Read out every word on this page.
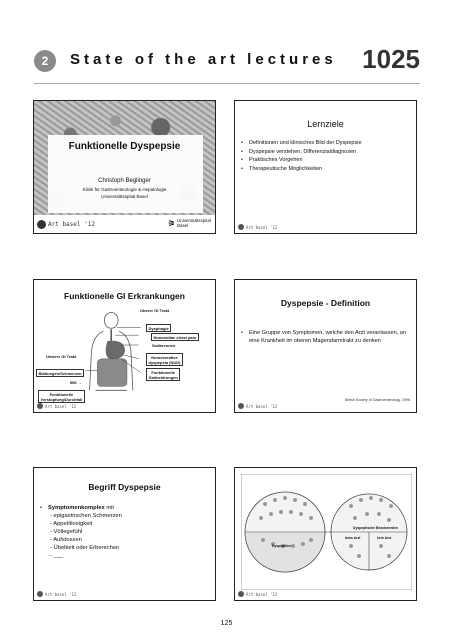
2	State of the art lectures 1025
Funktionelle Dyspepsie
Christoph Beglinger
Klinik für Gastroenterologie & Hepatologie
Universitätsspital Basel
Art basel '12	⚞ Universitätsspital
Basel
Lernziele
• Definitionen und klinisches Bild der Dyspepsie
• Dyspepsie verstehen, Differenzialdiagnosen
• Praktisches Vorgehen
• Therapeutische Möglichkeiten
Art basel '12
Funktionelle GI Erkrankungen
Oberer GI Trakt
Dysphagie
Noncardiac chest pain
Sodbrennen
Nonulcerative
dyspepsia (NUD)
Funktionelle
Gallestörungen
Unterer GI Trakt
Blähungen/Schmerzen
IBS →
Funktionelle
Verstopfung/Durchfall
Art basel '12
Dyspepsie - Definition
• Eine Gruppe von Symptomen, welche den Arzt veranlassen, an eine Krankheit im oberen Magendarmtrakt zu denken
British Society of Gastroenterology, 1996
Art basel '12
Begriff Dyspepsie
• Symptomenkomplex mit
- epigastrischen Schmerzen
- Appetitlosigkeit
- Völlegefühl
- Aufstossen
- Übelkeit oder Erberechen
- ___
Art basel '12
Dyspeptiker
Dyspeptische Beschwerden
beim Arzt	kein Arzt
Art basel '12
125
